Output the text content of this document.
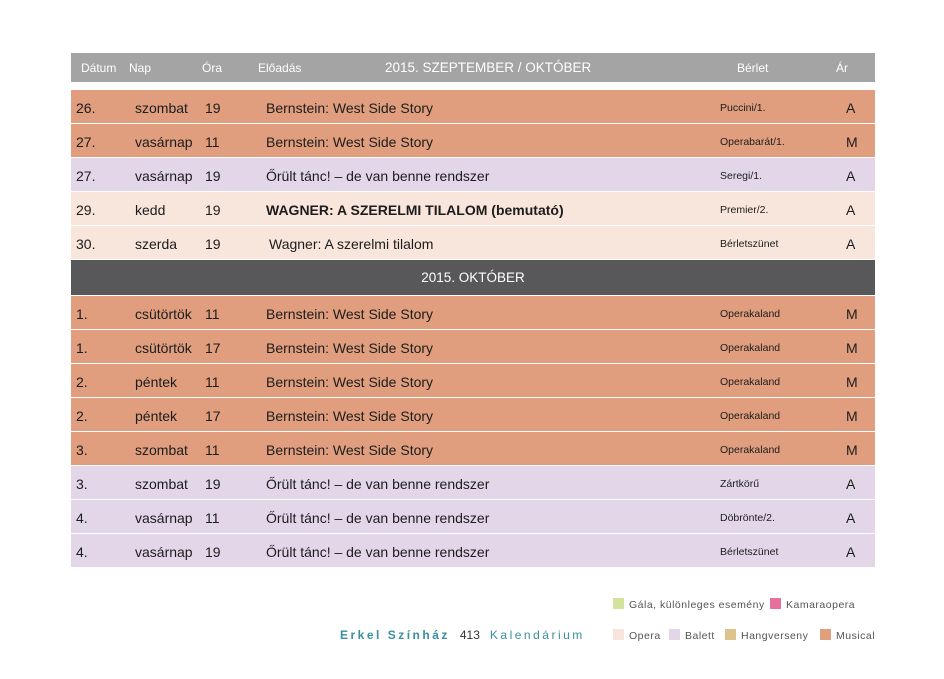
Dátum Nap	Óra	Előadás	2015. SZEPTEMBER / OKTÓBER	Bérlet	Ár
26.	szombat 19	Bernstein: West Side Story	Puccini/1.	A
27.	vasárnap 11	Bernstein: West Side Story	Operabarát/1.	M
27.	vasárnap 19	Őrült tánc! – de van benne rendszer	Seregi/1.	A
29.	kedd	19	WAGNER: A SZERELMI TILALOM (bemutató)	Premier/2.	A
30.	szerda 19	Wagner: A szerelmi tilalom	Bérletszünet	A
2015. OKTÓBER
1.	csütörtök 11	Bernstein: West Side Story	Operakaland	M
1.	csütörtök 17	Bernstein: West Side Story	Operakaland	M
2.	péntek 11	Bernstein: West Side Story	Operakaland	M
2.	péntek 17	Bernstein: West Side Story	Operakaland	M
3.	szombat 11	Bernstein: West Side Story	Operakaland	M
3.	szombat 19	Őrült tánc! – de van benne rendszer	Zártkörű	A
4.	vasárnap 11	Őrült tánc! – de van benne rendszer	Döbrönte/2.	A
4.	vasárnap 19	Őrült tánc! – de van benne rendszer	Bérletszünet	A
Gála, különleges esemény	Kamaraopera
Opera	Balett	Hangverseny	Musical
Erkel Színház 413 Kalendárium
